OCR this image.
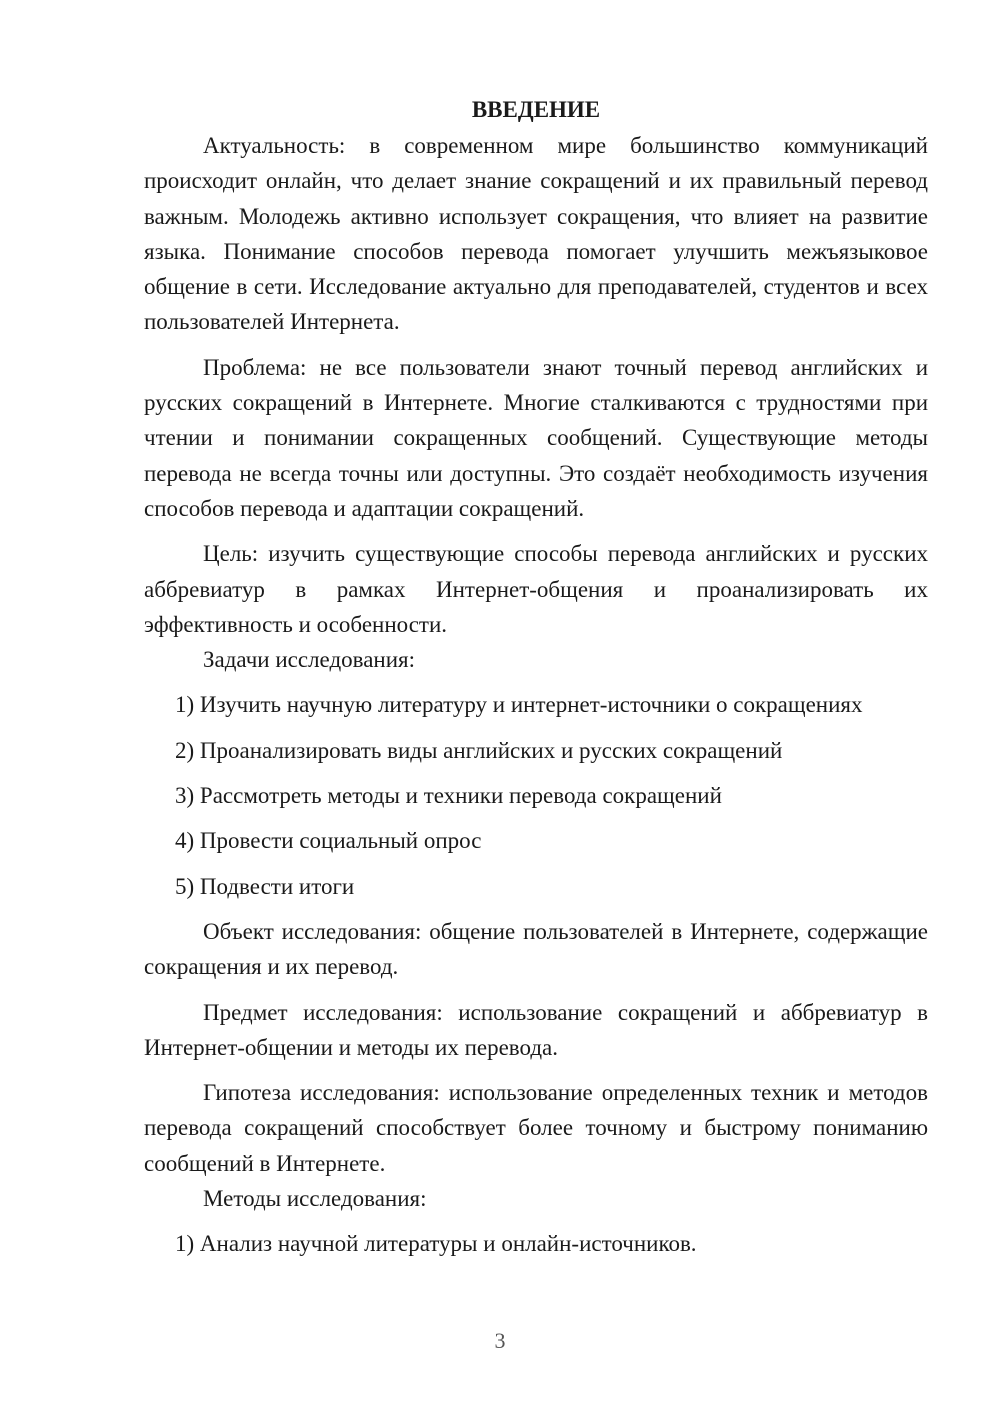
ВВЕДЕНИЕ

Актуальность: в современном мире большинство коммуникаций происходит онлайн, что делает знание сокращений и их правильный перевод важным. Молодежь активно использует сокращения, что влияет на развитие языка. Понимание способов перевода помогает улучшить межъязыковое общение в сети. Исследование актуально для преподавателей, студентов и всех пользователей Интернета.

Проблема: не все пользователи знают точный перевод английских и русских сокращений в Интернете. Многие сталкиваются с трудностями при чтении и понимании сокращенных сообщений. Существующие методы перевода не всегда точны или доступны. Это создаёт необходимость изучения способов перевода и адаптации сокращений.

Цель: изучить существующие способы перевода английских и русских аббревиатур в рамках Интернет-общения и проанализировать их эффективность и особенности.

Задачи исследования:

1) Изучить научную литературу и интернет-источники о сокращениях

2) Проанализировать виды английских и русских сокращений

3) Рассмотреть методы и техники перевода сокращений

4) Провести социальный опрос

5) Подвести итоги

Объект исследования: общение пользователей в Интернете, содержащие сокращения и их перевод.

Предмет исследования: использование сокращений и аббревиатур в Интернет-общении и методы их перевода.

Гипотеза исследования: использование определенных техник и методов перевода сокращений способствует более точному и быстрому пониманию сообщений в Интернете.

Методы исследования:

1) Анализ научной литературы и онлайн-источников.

3
